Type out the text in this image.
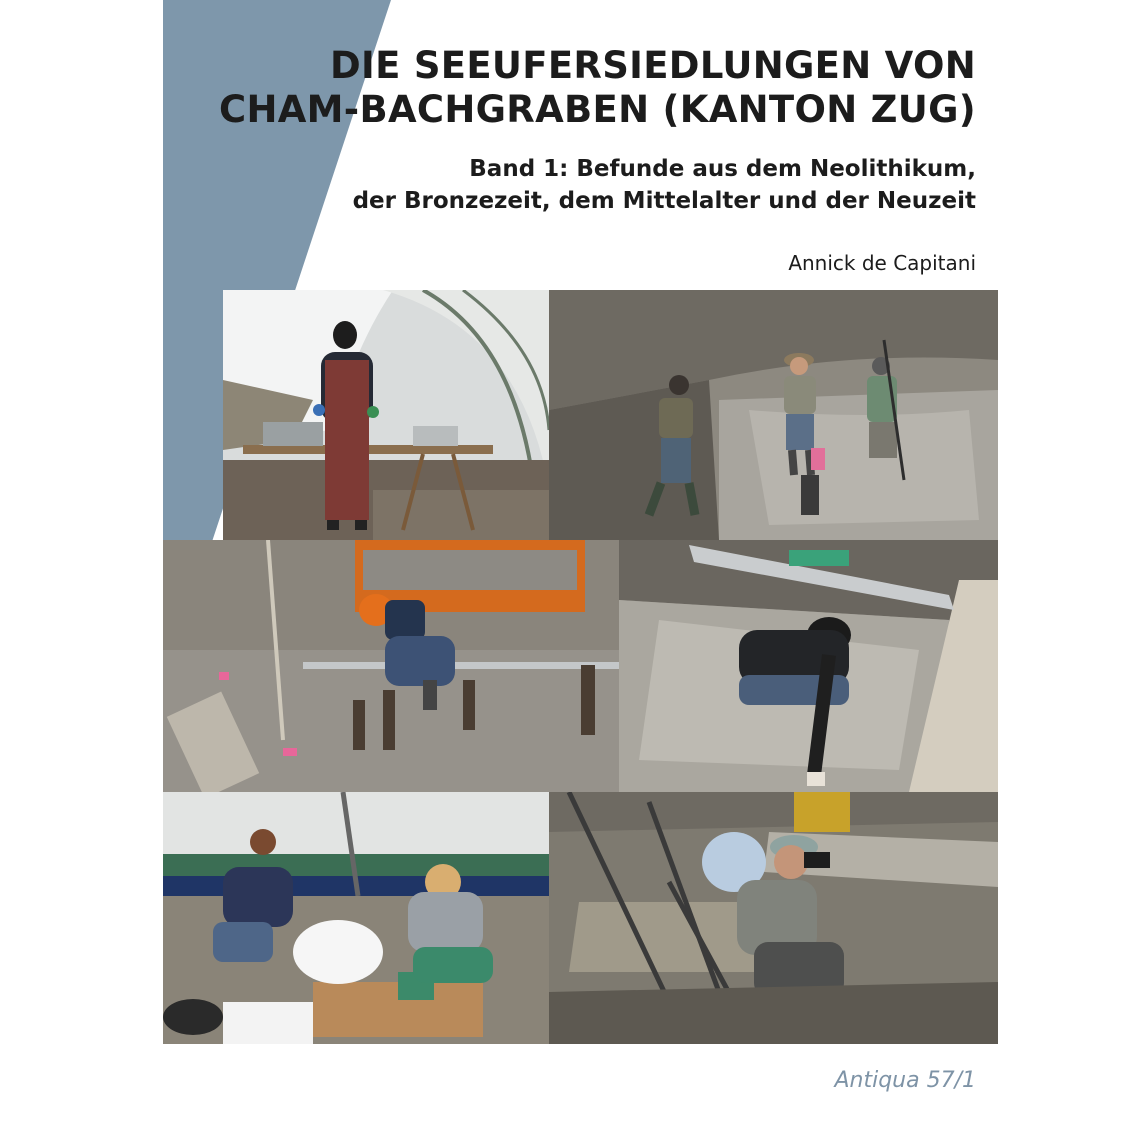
DIE SEEUFERSIEDLUNGEN VON
CHAM-BACHGRABEN (KANTON ZUG)
Band 1: Befunde aus dem Neolithikum,
der Bronzezeit, dem Mittelalter und der Neuzeit
Annick de Capitani
Antiqua 57/1
